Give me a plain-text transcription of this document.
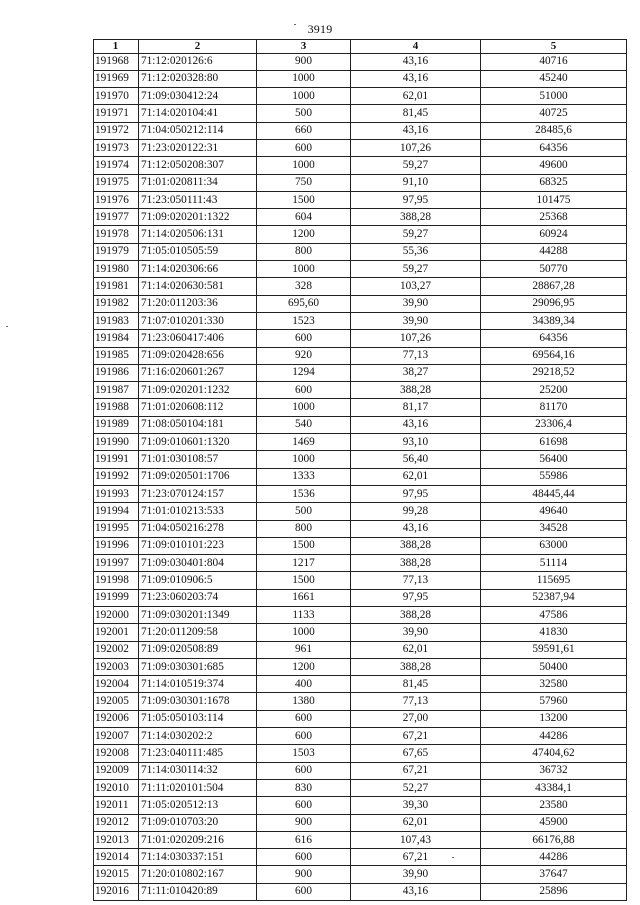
3919
1	2	3	4	5
191968	71:12:020126:6	900	43,16	40716
191969	71:12:020328:80	1000	43,16	45240
191970	71:09:030412:24	1000	62,01	51000
191971	71:14:020104:41	500	81,45	40725
191972	71:04:050212:114	660	43,16	28485,6
191973	71:23:020122:31	600	107,26	64356
191974	71:12:050208:307	1000	59,27	49600
191975	71:01:020811:34	750	91,10	68325
191976	71:23:050111:43	1500	97,95	101475
191977	71:09:020201:1322	604	388,28	25368
191978	71:14:020506:131	1200	59,27	60924
191979	71:05:010505:59	800	55,36	44288
191980	71:14:020306:66	1000	59,27	50770
191981	71:14:020630:581	328	103,27	28867,28
191982	71:20:011203:36	695,60	39,90	29096,95
191983	71:07:010201:330	1523	39,90	34389,34
191984	71:23:060417:406	600	107,26	64356
191985	71:09:020428:656	920	77,13	69564,16
191986	71:16:020601:267	1294	38,27	29218,52
191987	71:09:020201:1232	600	388,28	25200
191988	71:01:020608:112	1000	81,17	81170
191989	71:08:050104:181	540	43,16	23306,4
191990	71:09:010601:1320	1469	93,10	61698
191991	71:01:030108:57	1000	56,40	56400
191992	71:09:020501:1706	1333	62,01	55986
191993	71:23:070124:157	1536	97,95	48445,44
191994	71:01:010213:533	500	99,28	49640
191995	71:04:050216:278	800	43,16	34528
191996	71:09:010101:223	1500	388,28	63000
191997	71:09:030401:804	1217	388,28	51114
191998	71:09:010906:5	1500	77,13	115695
191999	71:23:060203:74	1661	97,95	52387,94
192000	71:09:030201:1349	1133	388,28	47586
192001	71:20:011209:58	1000	39,90	41830
192002	71:09:020508:89	961	62,01	59591,61
192003	71:09:030301:685	1200	388,28	50400
192004	71:14:010519:374	400	81,45	32580
192005	71:09:030301:1678	1380	77,13	57960
192006	71:05:050103:114	600	27,00	13200
192007	71:14:030202:2	600	67,21	44286
192008	71:23:040111:485	1503	67,65	47404,62
192009	71:14:030114:32	600	67,21	36732
192010	71:11:020101:504	830	52,27	43384,1
192011	71:05:020512:13	600	39,30	23580
192012	71:09:010703:20	900	62,01	45900
192013	71:01:020209:216	616	107,43	66176,88
192014	71:14:030337:151	600	67,21	44286
192015	71:20:010802:167	900	39,90	37647
192016	71:11:010420:89	600	43,16	25896
